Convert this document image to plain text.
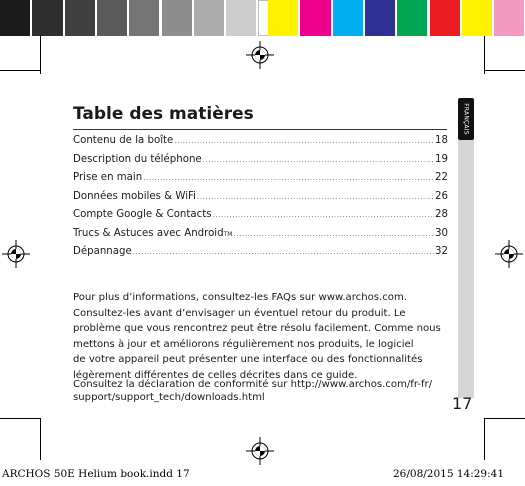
FRANÇAIS
Table des matières
Contenu de la boîte .....	18
Description du téléphone .....	19
Prise en main .....	22
Données mobiles & WiFi .....	26
Compte Google & Contacts .....	28
Trucs & Astuces avec Android TM .....	30
Dépannage .....	32
Pour plus d’informations, consultez-les FAQs sur www.archos.com.
Consultez-les avant d’envisager un éventuel retour du produit. Le
problème que vous rencontrez peut être résolu facilement. Comme nous
mettons à jour et améliorons régulièrement nos produits, le logiciel
de votre appareil peut présenter une interface ou des fonctionnalités
légèrement différentes de celles décrites dans ce guide.
Consultez la déclaration de conformité sur http://www.archos.com/fr-fr/
support/support_tech/downloads.html	17
ARCHOS 50E Helium book.indd 17	26/08/2015 14:29:41
